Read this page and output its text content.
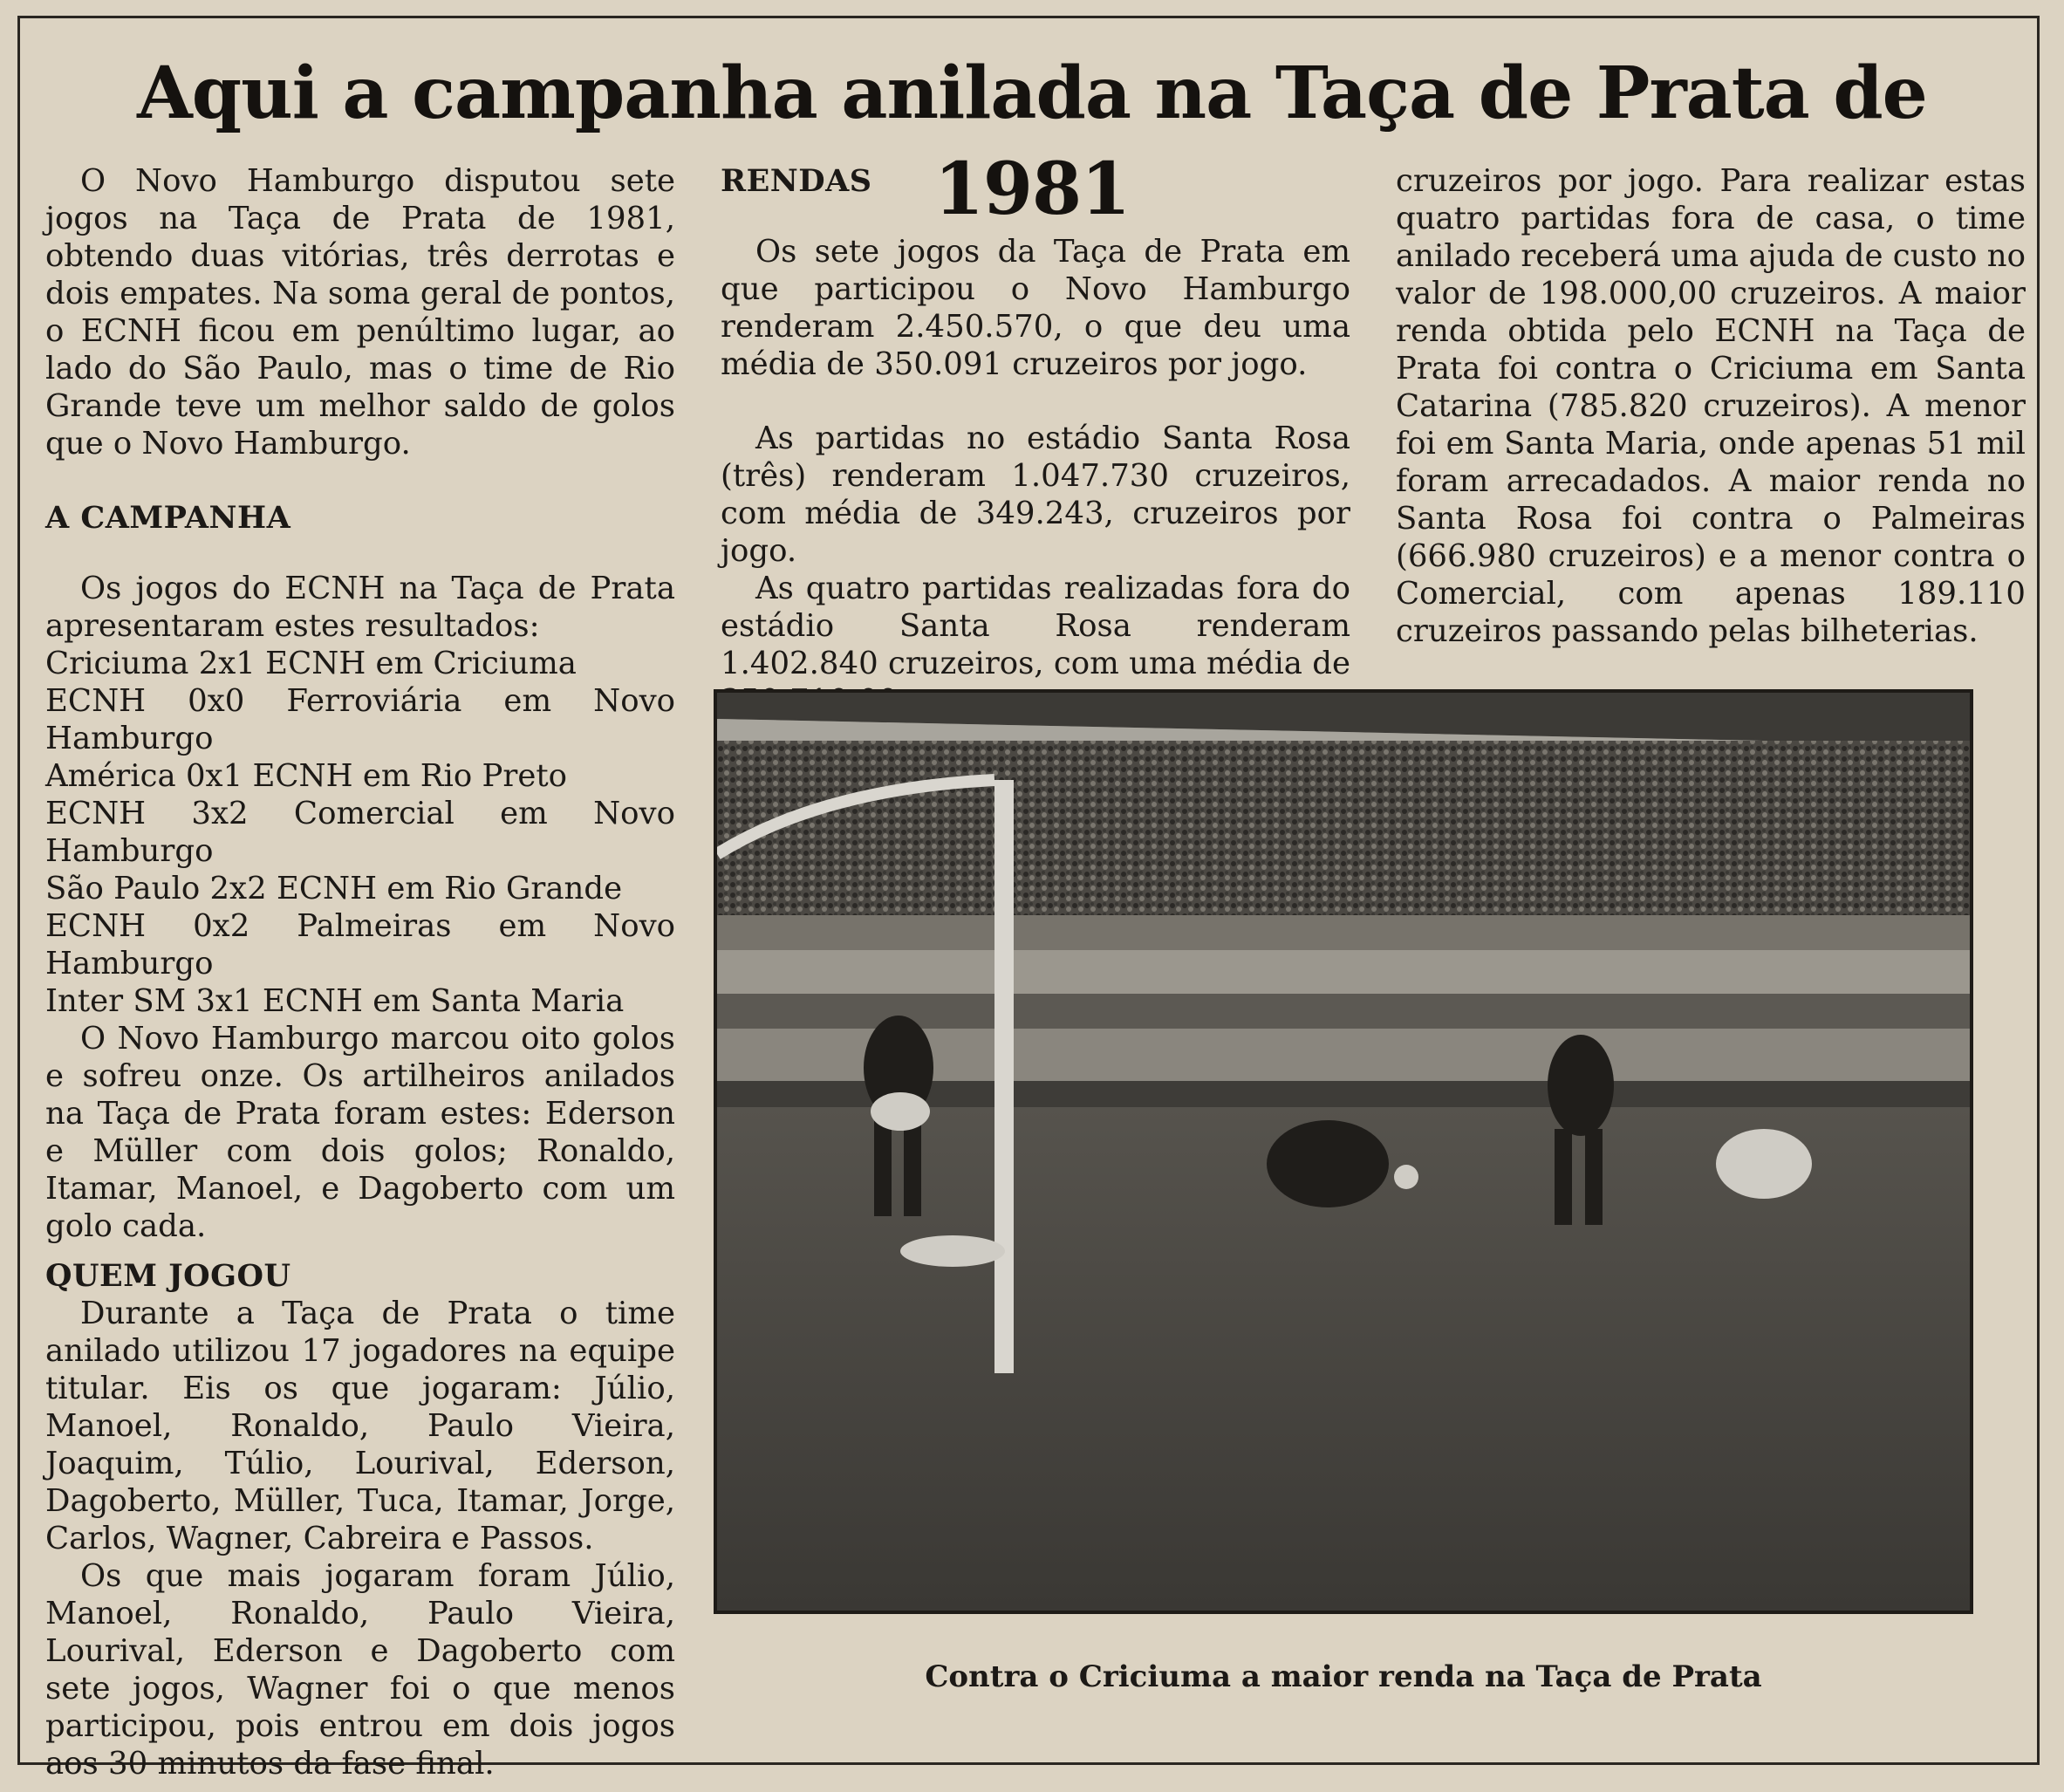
Aqui a campanha anilada na Taça de Prata de 1981

O Novo Hamburgo disputou sete jogos na Taça de Prata de 1981, obtendo duas vitórias, três derrotas e dois empates. Na soma geral de pontos, o ECNH ficou em penúltimo lugar, ao lado do São Paulo, mas o time de Rio Grande teve um melhor saldo de golos que o Novo Hamburgo.

A CAMPANHA

Os jogos do ECNH na Taça de Prata apresentaram estes resultados:

Criciuma 2x1 ECNH em Criciuma

ECNH 0x0 Ferroviária em Novo Hamburgo

América 0x1 ECNH em Rio Preto

ECNH 3x2 Comercial em Novo Hamburgo

São Paulo 2x2 ECNH em Rio Grande

ECNH 0x2 Palmeiras em Novo Hamburgo

Inter SM 3x1 ECNH em Santa Maria

O Novo Hamburgo marcou oito golos e sofreu onze. Os artilheiros anilados na Taça de Prata foram estes: Ederson e Müller com dois golos; Ronaldo, Itamar, Manoel, e Dagoberto com um golo cada.

QUEM JOGOU

Durante a Taça de Prata o time anilado utilizou 17 jogadores na equipe titular. Eis os que jogaram: Júlio, Manoel, Ronaldo, Paulo Vieira, Joaquim, Túlio, Lourival, Ederson, Dagoberto, Müller, Tuca, Itamar, Jorge, Carlos, Wagner, Cabreira e Passos.

Os que mais jogaram foram Júlio, Manoel, Ronaldo, Paulo Vieira, Lourival, Ederson e Dagoberto com sete jogos, Wagner foi o que menos participou, pois entrou em dois jogos aos 30 minutos da fase final.

RENDAS

Os sete jogos da Taça de Prata em que participou o Novo Hamburgo renderam 2.450.570, o que deu uma média de 350.091 cruzeiros por jogo.

As partidas no estádio Santa Rosa (três) renderam 1.047.730 cruzeiros, com média de 349.243, cruzeiros por jogo.

As quatro partidas realizadas fora do estádio Santa Rosa renderam 1.402.840 cruzeiros, com uma média de

cruzeiros por jogo. Para realizar estas quatro partidas fora de casa, o time anilado receberá uma ajuda de custo no valor de 198.000,00 cruzeiros. A maior renda obtida pelo ECNH na Taça de Prata foi contra o Criciuma em Santa Catarina (785.820 cruzeiros). A menor foi em Santa Maria, onde apenas 51 mil foram arrecadados. A maior renda no Santa Rosa foi contra o Palmeiras (666.980 cruzeiros) e a menor contra o Comercial, com apenas 189.110 cruzeiros passando pelas bilheterias.

Contra o Criciuma a maior renda na Taça de Prata
